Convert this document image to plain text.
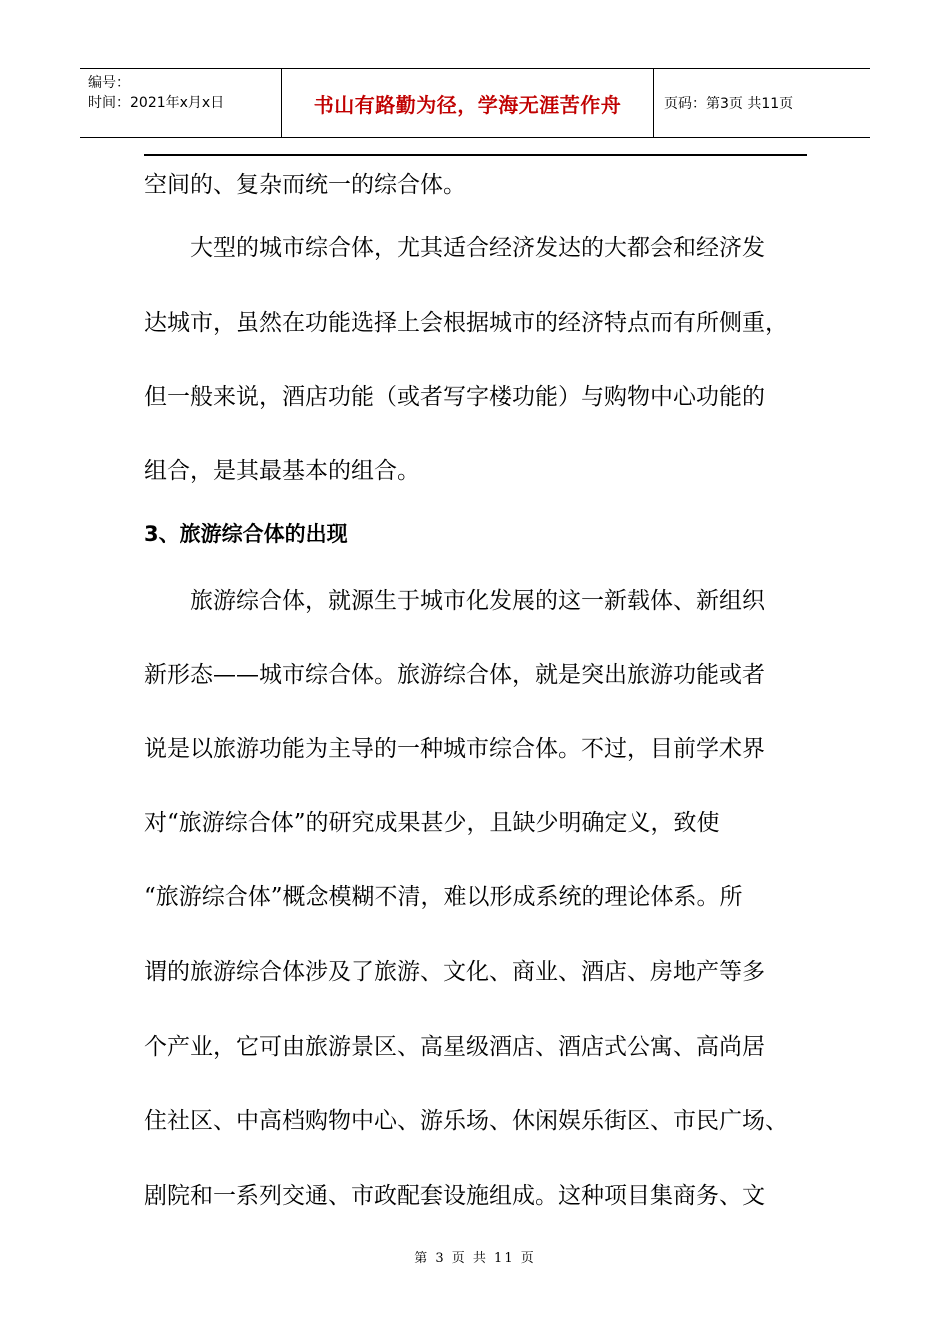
编号：
时间：2021年x月x日	书山有路勤为径，学海无涯苦作舟	页码：第3页 共11页
空间的、复杂而统一的综合体。
　　大型的城市综合体，尤其适合经济发达的大都会和经济发
达城市，虽然在功能选择上会根据城市的经济特点而有所侧重，
但一般来说，酒店功能（或者写字楼功能）与购物中心功能的
组合，是其最基本的组合。
3、旅游综合体的出现
　　旅游综合体，就源生于城市化发展的这一新载体、新组织
新形态——城市综合体。旅游综合体，就是突出旅游功能或者
说是以旅游功能为主导的一种城市综合体。不过，目前学术界
对“旅游综合体”的研究成果甚少，且缺少明确定义，致使
“旅游综合体”概念模糊不清，难以形成系统的理论体系。所
谓的旅游综合体涉及了旅游、文化、商业、酒店、房地产等多
个产业，它可由旅游景区、高星级酒店、酒店式公寓、高尚居
住社区、中高档购物中心、游乐场、休闲娱乐街区、市民广场、
剧院和一系列交通、市政配套设施组成。这种项目集商务、文
第 3 页 共 11 页
